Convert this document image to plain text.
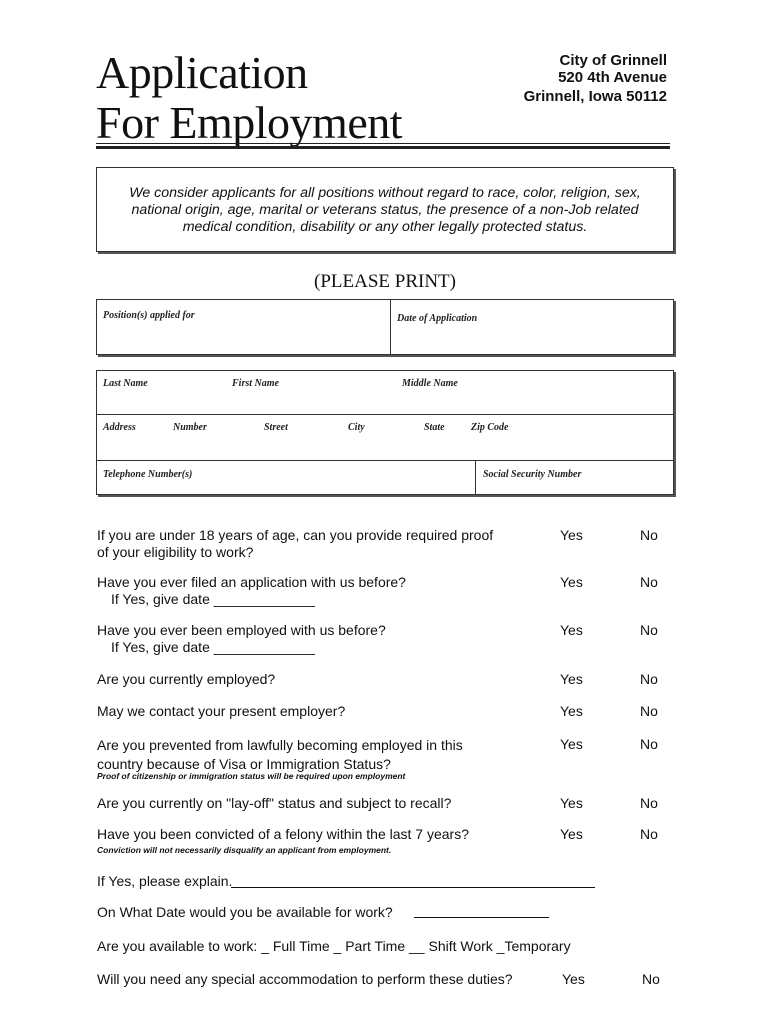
Application
For Employment
City of Grinnell
520 4th Avenue
Grinnell, Iowa 50112
We consider applicants for all positions without regard to race, color, religion, sex, national origin, age, marital or veterans status, the presence of a non-Job related medical condition, disability or any other legally protected status.
(PLEASE PRINT)
Position(s) applied for	Date of Application
Last Name	First Name	Middle Name
Address	Number	Street	City	State	Zip Code
Telephone Number(s)	Social Security Number
If you are under 18 years of age, can you provide required proof
of your eligibility to work?
Yes	No
Have you ever filed an application with us before?
If Yes, give date _____________
Yes	No
Have you ever been employed with us before?
If Yes, give date _____________
Yes	No
Are you currently employed?	Yes	No
May we contact your present employer?	Yes	No
Are you prevented from lawfully becoming employed in this
country because of Visa or Immigration Status?
Yes	No
Proof of citizenship or immigration status will be required upon employment
Are you currently on "lay-off" status and subject to recall?	Yes	No
Have you been convicted of a felony within the last 7 years?	Yes	No
Conviction will not necessarily disqualify an applicant from employment.
If Yes, please explain.
On What Date would you be available for work?
Are you available to work: _ Full Time _ Part Time __ Shift Work _Temporary
Will you need any special accommodation to perform these duties?	Yes	No
